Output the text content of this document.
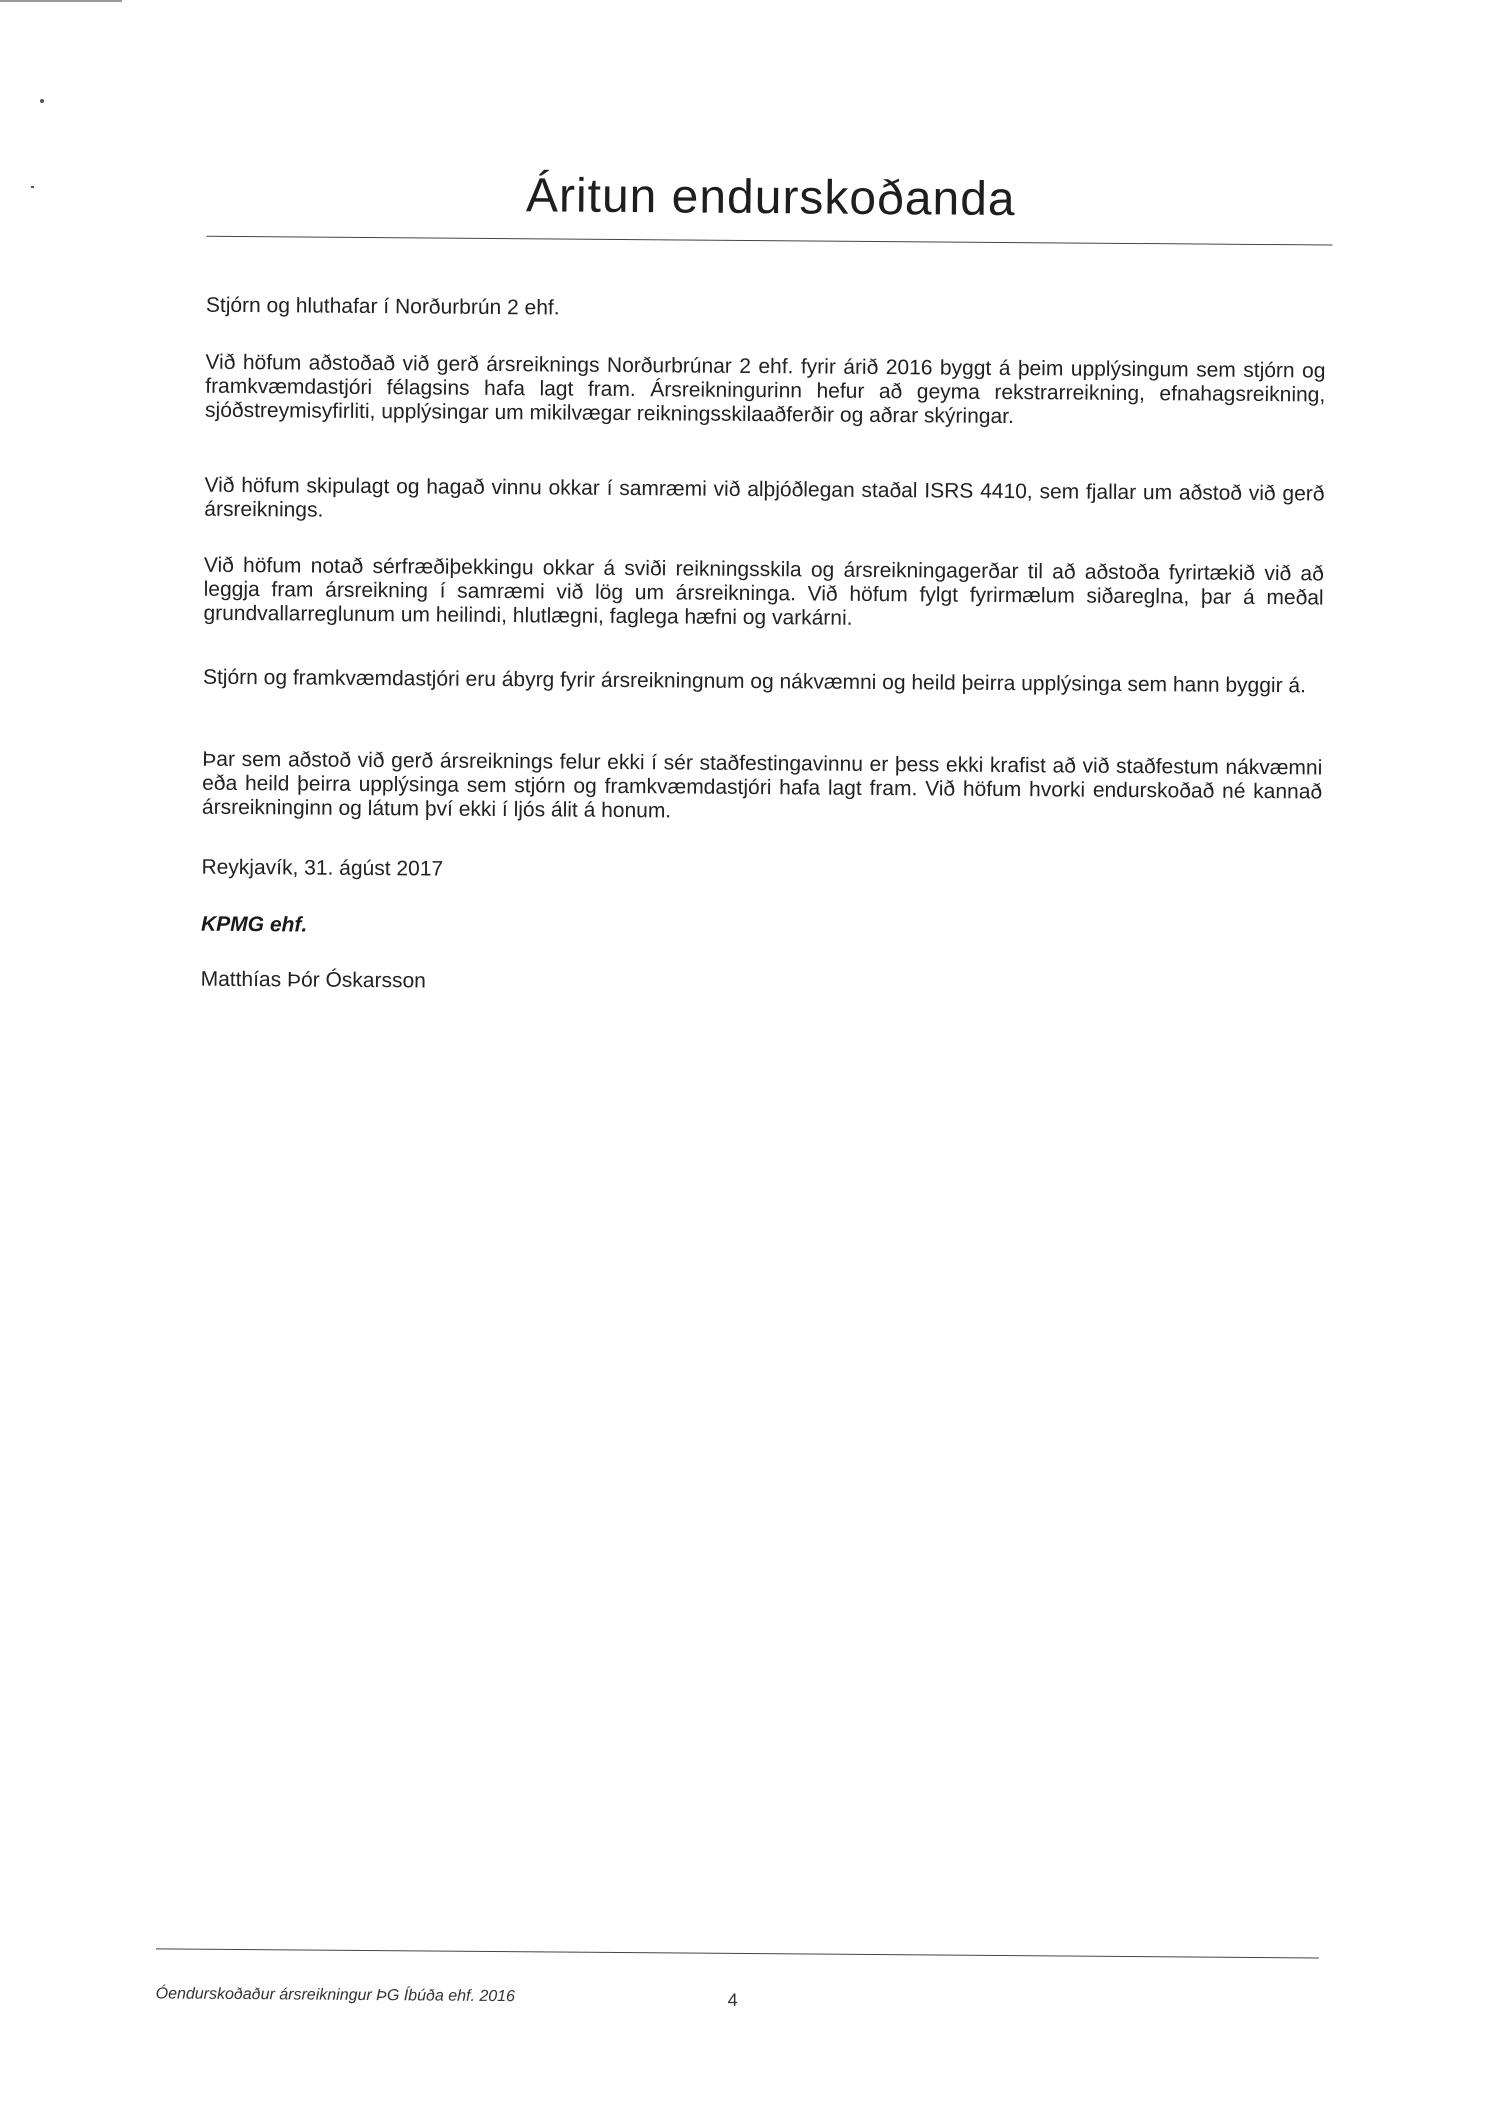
Áritun endurskoðanda
Stjórn og hluthafar í Norðurbrún 2 ehf.
Við höfum aðstoðað við gerð ársreiknings Norðurbrúnar 2 ehf. fyrir árið 2016 byggt á þeim upplýsingum sem stjórn og framkvæmdastjóri félagsins hafa lagt fram. Ársreikningurinn hefur að geyma rekstrarreikning, efnahagsreikning, sjóðstreymisyfirliti, upplýsingar um mikilvægar reikningsskilaaðferðir og aðrar skýringar.
Við höfum skipulagt og hagað vinnu okkar í samræmi við alþjóðlegan staðal ISRS 4410, sem fjallar um aðstoð við gerð ársreiknings.
Við höfum notað sérfræðiþekkingu okkar á sviði reikningsskila og ársreikningagerðar til að aðstoða fyrirtækið við að leggja fram ársreikning í samræmi við lög um ársreikninga. Við höfum fylgt fyrirmælum siðareglna, þar á meðal grundvallarreglunum um heilindi, hlutlægni, faglega hæfni og varkárni.
Stjórn og framkvæmdastjóri eru ábyrg fyrir ársreikningnum og nákvæmni og heild þeirra upplýsinga sem hann byggir á.
Þar sem aðstoð við gerð ársreiknings felur ekki í sér staðfestingavinnu er þess ekki krafist að við staðfestum nákvæmni eða heild þeirra upplýsinga sem stjórn og framkvæmdastjóri hafa lagt fram. Við höfum hvorki endurskoðað né kannað ársreikninginn og látum því ekki í ljós álit á honum.
Reykjavík, 31. ágúst 2017
KPMG ehf.
Matthías Þór Óskarsson
Óendurskoðaður ársreikningur ÞG Íbúða ehf. 2016	4
